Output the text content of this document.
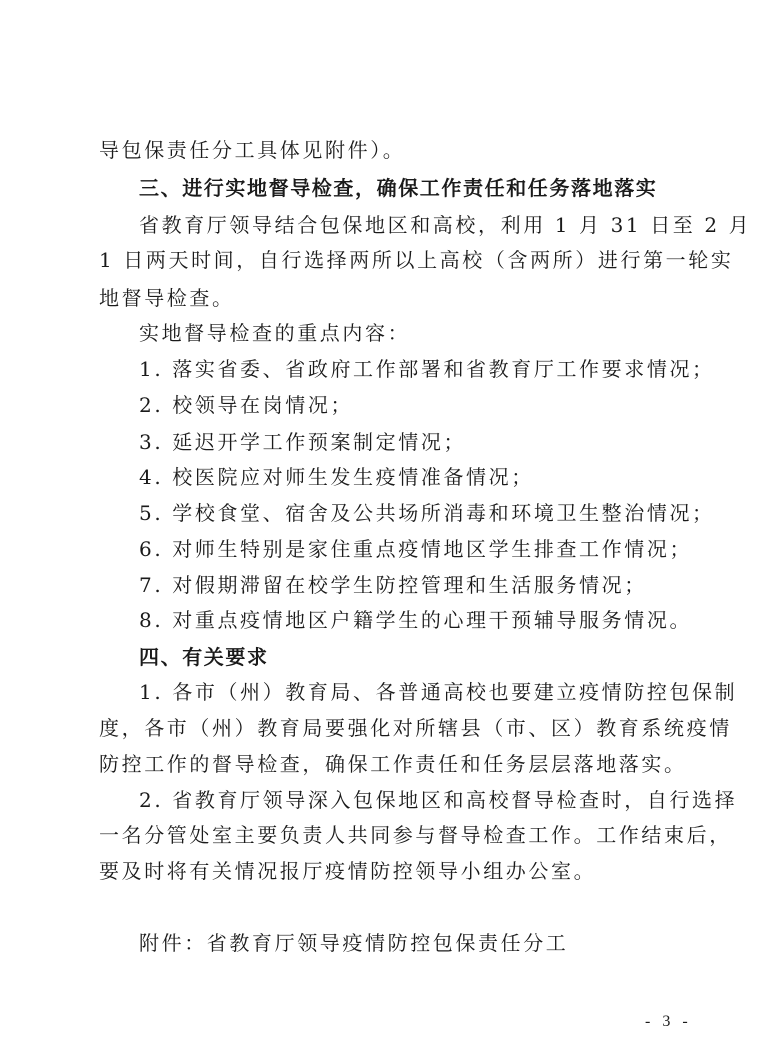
导包保责任分工具体见附件）。
三、进行实地督导检查，确保工作责任和任务落地落实
省教育厅领导结合包保地区和高校，利用 1 月 31 日至 2 月
1 日两天时间，自行选择两所以上高校（含两所）进行第一轮实
地督导检查。
实地督导检查的重点内容：
1. 落实省委、省政府工作部署和省教育厅工作要求情况；
2. 校领导在岗情况；
3. 延迟开学工作预案制定情况；
4. 校医院应对师生发生疫情准备情况；
5. 学校食堂、宿舍及公共场所消毒和环境卫生整治情况；
6. 对师生特别是家住重点疫情地区学生排查工作情况；
7. 对假期滞留在校学生防控管理和生活服务情况；
8. 对重点疫情地区户籍学生的心理干预辅导服务情况。
四、有关要求
1. 各市（州）教育局、各普通高校也要建立疫情防控包保制
度，各市（州）教育局要强化对所辖县（市、区）教育系统疫情
防控工作的督导检查，确保工作责任和任务层层落地落实。
2. 省教育厅领导深入包保地区和高校督导检查时，自行选择
一名分管处室主要负责人共同参与督导检查工作。工作结束后，
要及时将有关情况报厅疫情防控领导小组办公室。
附件：省教育厅领导疫情防控包保责任分工
- 3 -
